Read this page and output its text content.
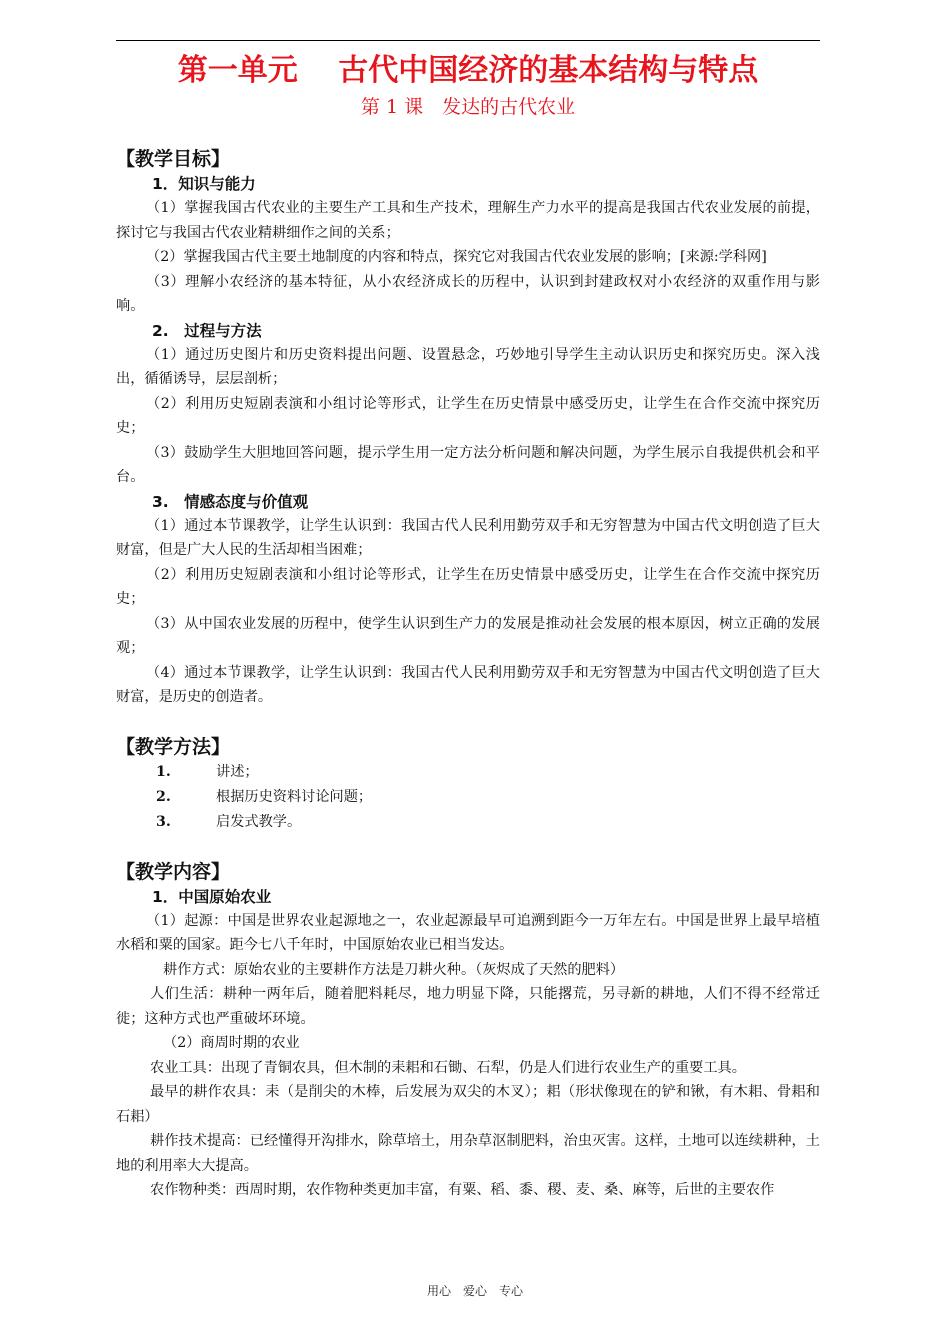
第一单元　 古代中国经济的基本结构与特点
第 1 课　发达的古代农业
【教学目标】
1．知识与能力

（1）掌握我国古代农业的主要生产工具和生产技术，理解生产力水平的提高是我国古代农业发展的前提，探讨它与我国古代农业精耕细作之间的关系；

（2）掌握我国古代主要土地制度的内容和特点，探究它对我国古代农业发展的影响；[来源:学科网]

（3）理解小农经济的基本特征，从小农经济成长的历程中，认识到封建政权对小农经济的双重作用与影响。

2.　过程与方法

（1）通过历史图片和历史资料提出问题、设置悬念，巧妙地引导学生主动认识历史和探究历史。深入浅出，循循诱导，层层剖析；

（2）利用历史短剧表演和小组讨论等形式，让学生在历史情景中感受历史，让学生在合作交流中探究历史；

（3）鼓励学生大胆地回答问题，提示学生用一定方法分析问题和解决问题，为学生展示自我提供机会和平台。

3.　情感态度与价值观

（1）通过本节课教学，让学生认识到：我国古代人民利用勤劳双手和无穷智慧为中国古代文明创造了巨大财富，但是广大人民的生活却相当困难；

（2）利用历史短剧表演和小组讨论等形式，让学生在历史情景中感受历史，让学生在合作交流中探究历史；

（3）从中国农业发展的历程中，使学生认识到生产力的发展是推动社会发展的根本原因，树立正确的发展观；

（4）通过本节课教学，让学生认识到：我国古代人民利用勤劳双手和无穷智慧为中国古代文明创造了巨大财富，是历史的创造者。

【教学方法】
1.	讲述；
2.	根据历史资料讨论问题；
3.	启发式教学。
【教学内容】
1．中国原始农业

（1）起源：中国是世界农业起源地之一，农业起源最早可追溯到距今一万年左右。中国是世界上最早培植水稻和粟的国家。距今七八千年时，中国原始农业已相当发达。

耕作方式：原始农业的主要耕作方法是刀耕火种。（灰烬成了天然的肥料）

人们生活：耕种一两年后，随着肥料耗尽，地力明显下降，只能撂荒，另寻新的耕地，人们不得不经常迁徙；这种方式也严重破坏环境。

（2）商周时期的农业

农业工具：出现了青铜农具，但木制的耒耜和石锄、石犁，仍是人们进行农业生产的重要工具。

最早的耕作农具：耒（是削尖的木棒，后发展为双尖的木叉）；耜（形状像现在的铲和锹，有木耜、骨耜和石耜）

耕作技术提高：已经懂得开沟排水，除草培土，用杂草沤制肥料，治虫灭害。这样，土地可以连续耕种，土地的利用率大大提高。

农作物种类：西周时期，农作物种类更加丰富，有粟、稻、黍、稷、麦、桑、麻等，后世的主要农作

用心　爱心　专心
